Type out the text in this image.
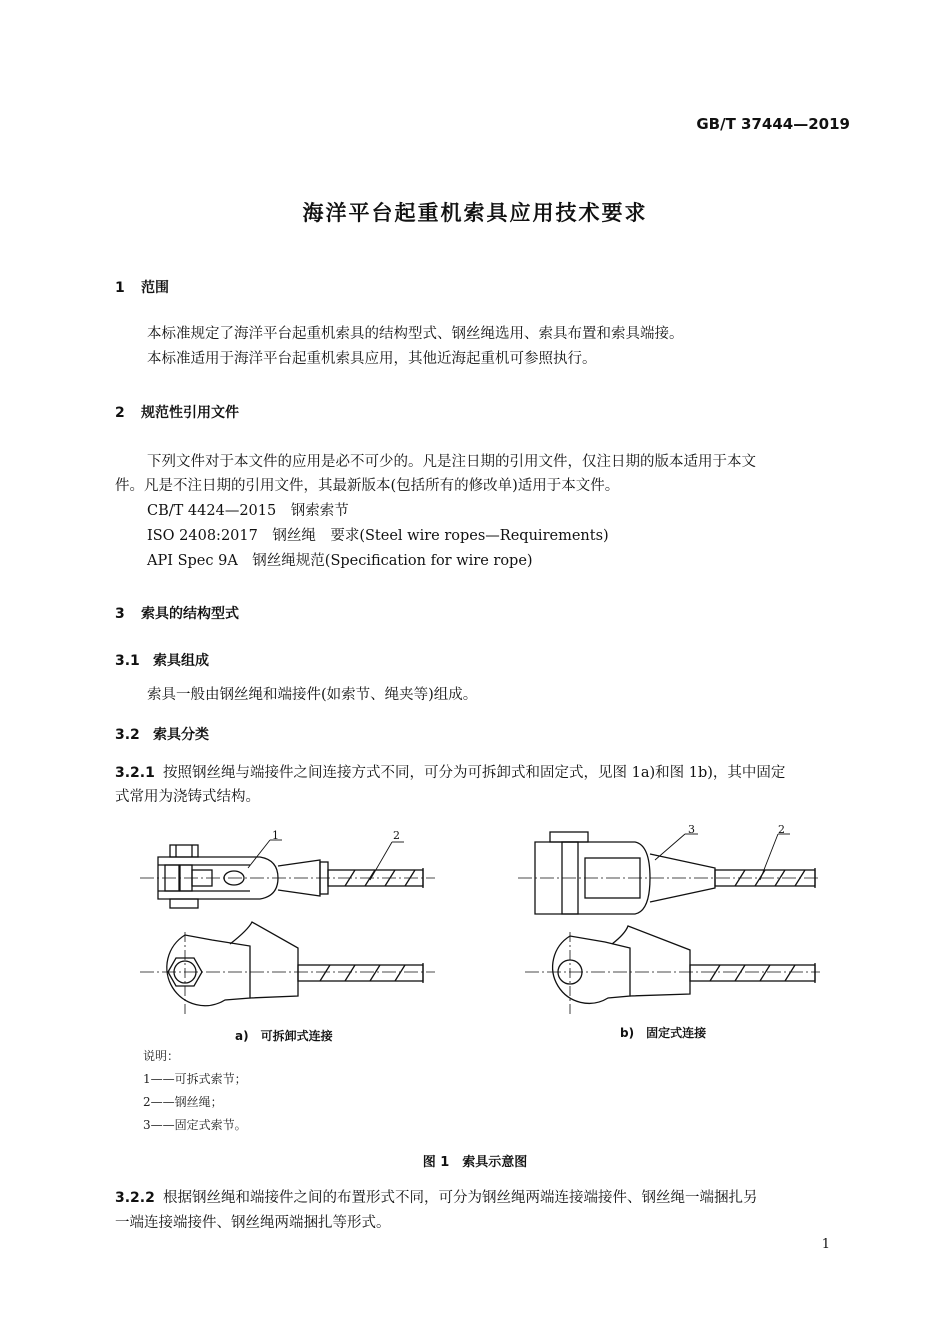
GB/T 37444—2019
海洋平台起重机索具应用技术要求
1 范围
本标准规定了海洋平台起重机索具的结构型式、钢丝绳选用、索具布置和索具端接。
本标准适用于海洋平台起重机索具应用，其他近海起重机可参照执行。
2 规范性引用文件
下列文件对于本文件的应用是必不可少的。凡是注日期的引用文件，仅注日期的版本适用于本文
件。凡是不注日期的引用文件，其最新版本(包括所有的修改单)适用于本文件。
CB/T 4424—2015　钢索索节
ISO 2408:2017　钢丝绳　要求(Steel wire ropes—Requirements)
API Spec 9A　钢丝绳规范(Specification for wire rope)
3 索具的结构型式
3.1 索具组成
索具一般由钢丝绳和端接件(如索节、绳夹等)组成。
3.2 索具分类
3.2.1 按照钢丝绳与端接件之间连接方式不同，可分为可拆卸式和固定式，见图 1a)和图 1b)，其中固定
式常用为浇铸式结构。
1	2	3	2
a)　可拆卸式连接	b)　固定式连接
说明：
1——可拆式索节；
2——钢丝绳；
3——固定式索节。
图 1　索具示意图
3.2.2 根据钢丝绳和端接件之间的布置形式不同，可分为钢丝绳两端连接端接件、钢丝绳一端捆扎另
一端连接端接件、钢丝绳两端捆扎等形式。
1
